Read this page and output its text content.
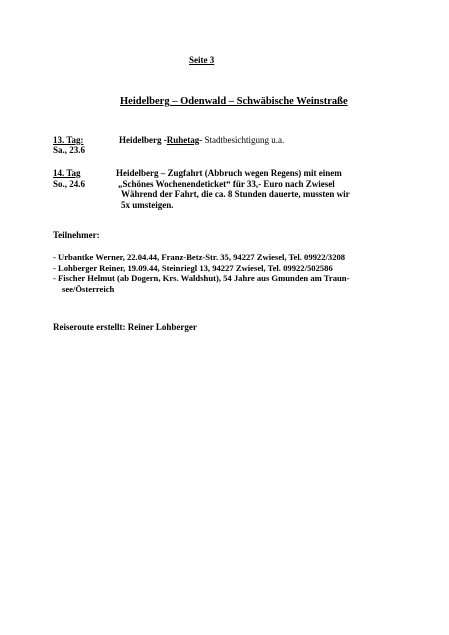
Seite 3
Heidelberg – Odenwald – Schwäbische Weinstraße
13. Tag:
Sa., 23.6
Heidelberg -Ruhetag- Stadtbesichtigung u.a.
14. Tag
So., 24.6
Heidelberg – Zugfahrt (Abbruch wegen Regens) mit einem
„Schönes Wochenendeticket“ für 33,- Euro nach Zwiesel
Während der Fahrt, die ca. 8 Stunden dauerte, mussten wir
5x umsteigen.
Teilnehmer:
- Urbantke Werner, 22.04.44, Franz-Betz-Str. 35, 94227 Zwiesel, Tel. 09922/3208
- Lohberger Reiner, 19.09.44, Steinriegl 13, 94227 Zwiesel, Tel. 09922/502586
- Fischer Helmut (ab Dogern, Krs. Waldshut), 54 Jahre aus Gmunden am Traun-
see/Österreich
Reiseroute erstellt: Reiner Lohberger
